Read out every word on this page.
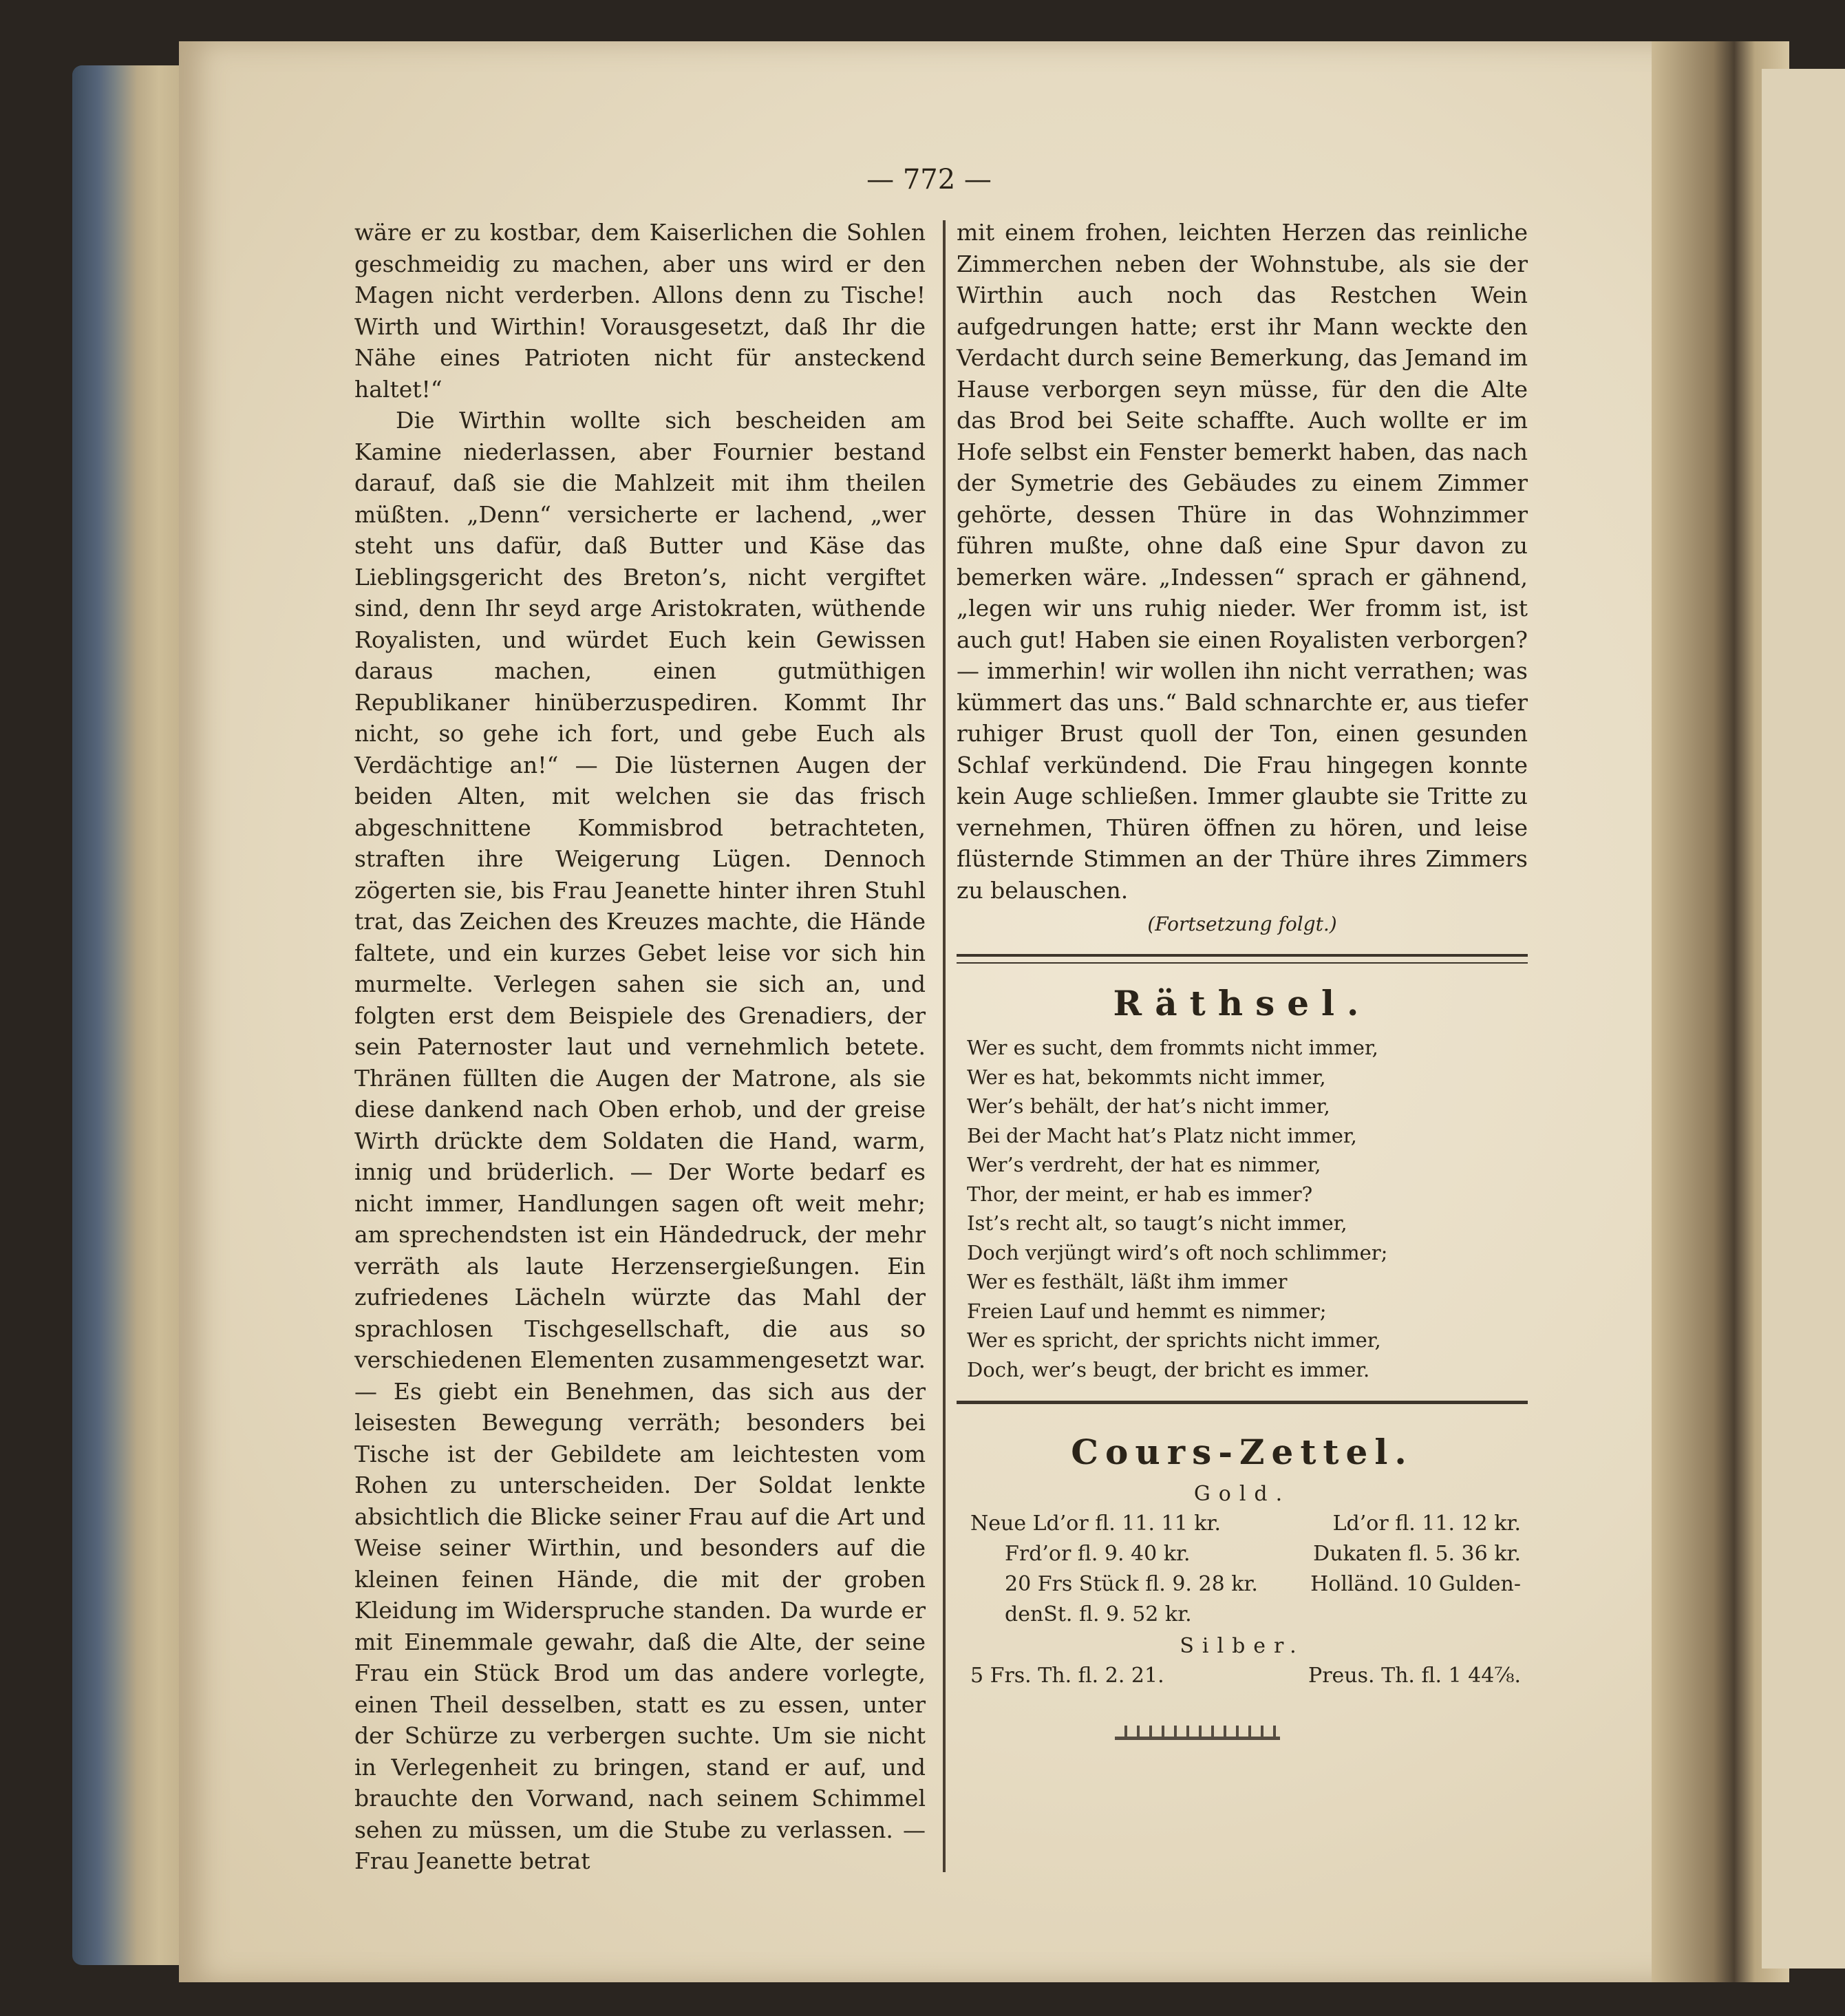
— 772 —

wäre er zu kostbar, dem Kaiserlichen die Sohlen geschmeidig zu machen, aber uns wird er den Magen nicht verderben. Allons denn zu Tische! Wirth und Wirthin! Vorausgesetzt, daß Ihr die Nähe eines Patrioten nicht für ansteckend haltet!“

Die Wirthin wollte sich bescheiden am Kamine niederlassen, aber Fournier bestand darauf, daß sie die Mahlzeit mit ihm theilen müßten. „Denn“ versicherte er lachend, „wer steht uns dafür, daß Butter und Käse das Lieblingsgericht des Breton’s, nicht vergiftet sind, denn Ihr seyd arge Aristokraten, wüthende Royalisten, und würdet Euch kein Gewissen daraus machen, einen gutmüthigen Republikaner hinüberzuspediren. Kommt Ihr nicht, so gehe ich fort, und gebe Euch als Verdächtige an!“ — Die lüsternen Augen der beiden Alten, mit welchen sie das frisch abgeschnittene Kommisbrod betrachteten, straften ihre Weigerung Lügen. Dennoch zögerten sie, bis Frau Jeanette hinter ihren Stuhl trat, das Zeichen des Kreuzes machte, die Hände faltete, und ein kurzes Gebet leise vor sich hin murmelte. Verlegen sahen sie sich an, und folgten erst dem Beispiele des Grenadiers, der sein Paternoster laut und vernehmlich betete. Thränen füllten die Augen der Matrone, als sie diese dankend nach Oben erhob, und der greise Wirth drückte dem Soldaten die Hand, warm, innig und brüderlich. — Der Worte bedarf es nicht immer, Handlungen sagen oft weit mehr; am sprechendsten ist ein Händedruck, der mehr verräth als laute Herzensergießungen. Ein zufriedenes Lächeln würzte das Mahl der sprachlosen Tischgesellschaft, die aus so verschiedenen Elementen zusammengesetzt war. — Es giebt ein Benehmen, das sich aus der leisesten Bewegung verräth; besonders bei Tische ist der Gebildete am leichtesten vom Rohen zu unterscheiden. Der Soldat lenkte absichtlich die Blicke seiner Frau auf die Art und Weise seiner Wirthin, und besonders auf die kleinen feinen Hände, die mit der groben Kleidung im Widerspruche standen. Da wurde er mit Einemmale gewahr, daß die Alte, der seine Frau ein Stück Brod um das andere vorlegte, einen Theil desselben, statt es zu essen, unter der Schürze zu verbergen suchte. Um sie nicht in Verlegenheit zu bringen, stand er auf, und brauchte den Vorwand, nach seinem Schimmel sehen zu müssen, um die Stube zu verlassen. — Frau Jeanette betrat

mit einem frohen, leichten Herzen das reinliche Zimmerchen neben der Wohnstube, als sie der Wirthin auch noch das Restchen Wein aufgedrungen hatte; erst ihr Mann weckte den Verdacht durch seine Bemerkung, das Jemand im Hause verborgen seyn müsse, für den die Alte das Brod bei Seite schaffte. Auch wollte er im Hofe selbst ein Fenster bemerkt haben, das nach der Symetrie des Gebäudes zu einem Zimmer gehörte, dessen Thüre in das Wohnzimmer führen mußte, ohne daß eine Spur davon zu bemerken wäre. „Indessen“ sprach er gähnend, „legen wir uns ruhig nieder. Wer fromm ist, ist auch gut! Haben sie einen Royalisten verborgen? — immerhin! wir wollen ihn nicht verrathen; was kümmert das uns.“ Bald schnarchte er, aus tiefer ruhiger Brust quoll der Ton, einen gesunden Schlaf verkündend. Die Frau hingegen konnte kein Auge schließen. Immer glaubte sie Tritte zu vernehmen, Thüren öffnen zu hören, und leise flüsternde Stimmen an der Thüre ihres Zimmers zu belauschen.

(Fortsetzung folgt.)
Räthsel.
Wer es sucht, dem frommts nicht immer,
Wer es hat, bekommts nicht immer,
Wer’s behält, der hat’s nicht immer,
Bei der Macht hat’s Platz nicht immer,
Wer’s verdreht, der hat es nimmer,
Thor, der meint, er hab es immer?
Ist’s recht alt, so taugt’s nicht immer,
Doch verjüngt wird’s oft noch schlimmer;
Wer es festhält, läßt ihm immer
Freien Lauf und hemmt es nimmer;
Wer es spricht, der sprichts nicht immer,
Doch, wer’s beugt, der bricht es immer.
Cours-Zettel.
Gold.
Neue Ld’or fl. 11. 11 kr.	Ld’or fl. 11. 12 kr.
Frd’or fl. 9. 40 kr.	Dukaten fl. 5. 36 kr.
20 Frs Stück fl. 9. 28 kr.	Holländ. 10 Gulden-
denSt. fl. 9. 52 kr.
Silber.
5 Frs. Th. fl. 2. 21.	Preus. Th. fl. 1 44⅞.
